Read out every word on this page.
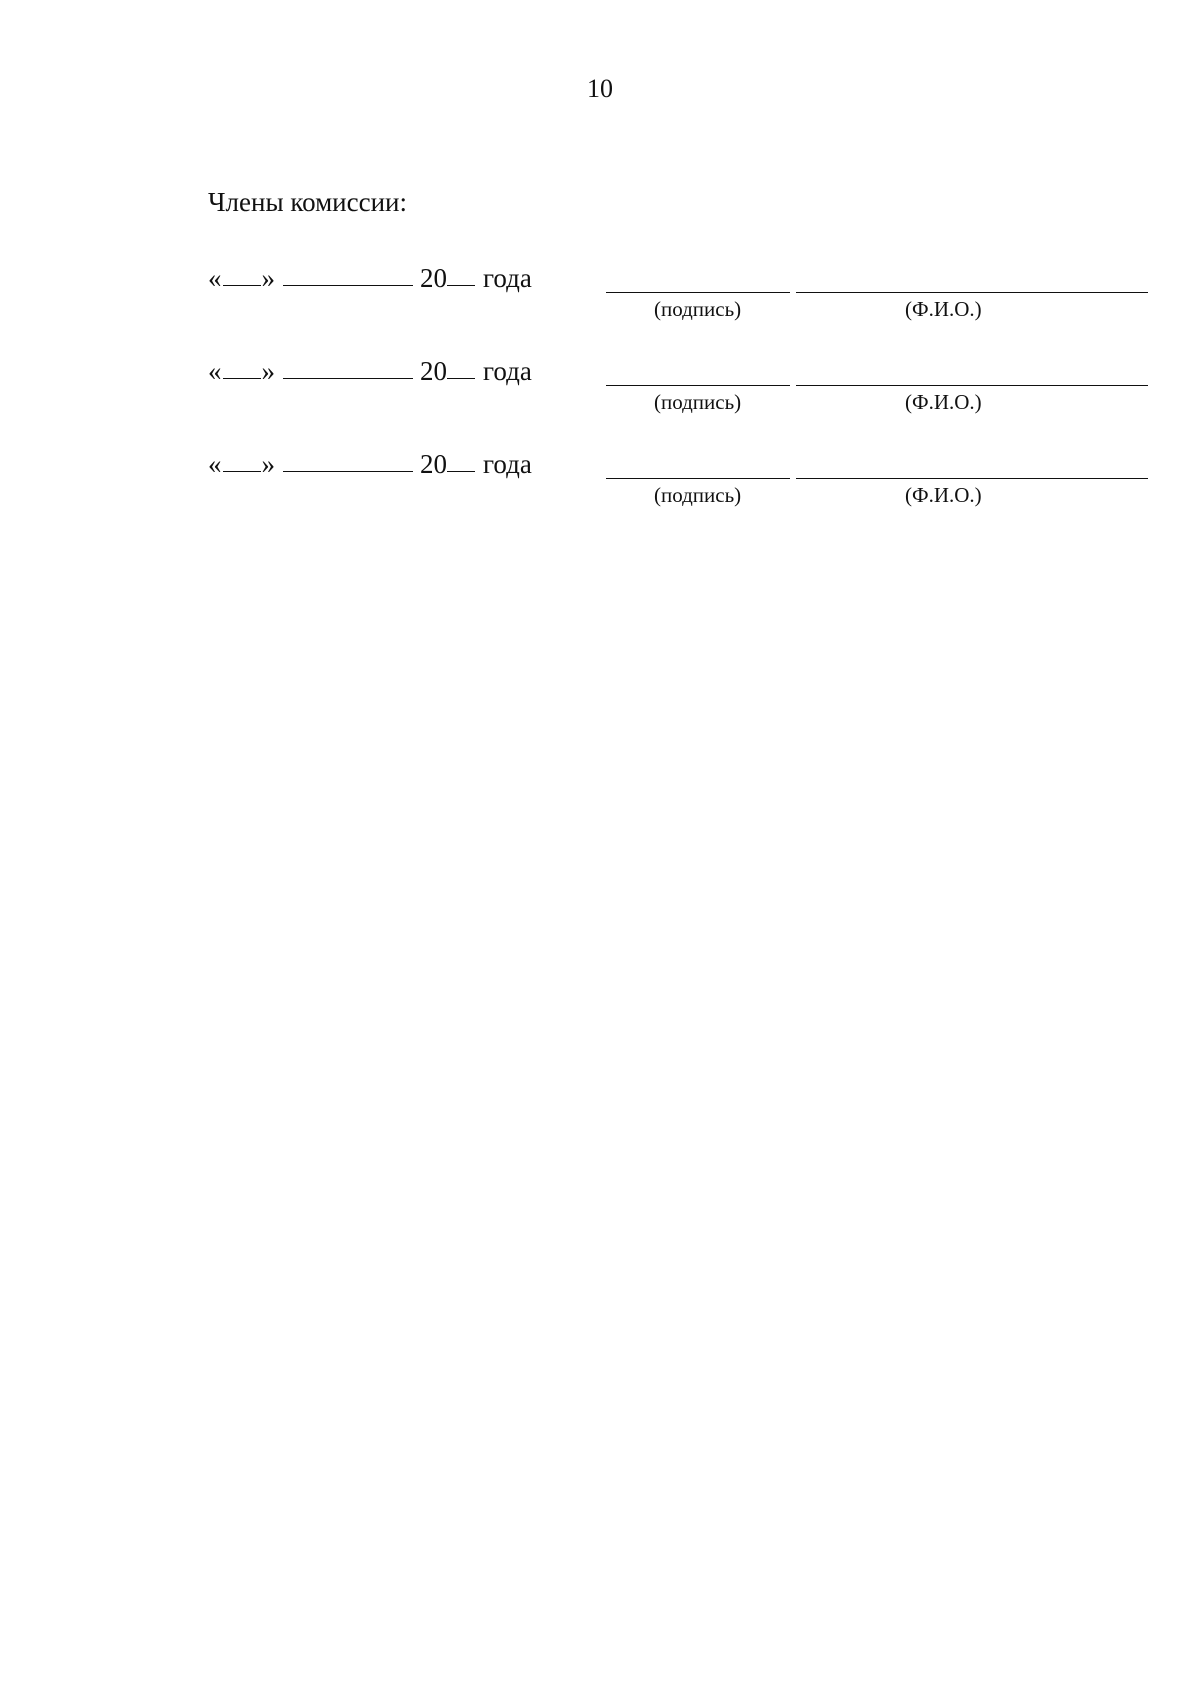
10
Члены комиссии:
« »	20 года
(подпись)	(Ф.И.О.)
« »	20 года
(подпись)	(Ф.И.О.)
« »	20 года
(подпись)	(Ф.И.О.)
